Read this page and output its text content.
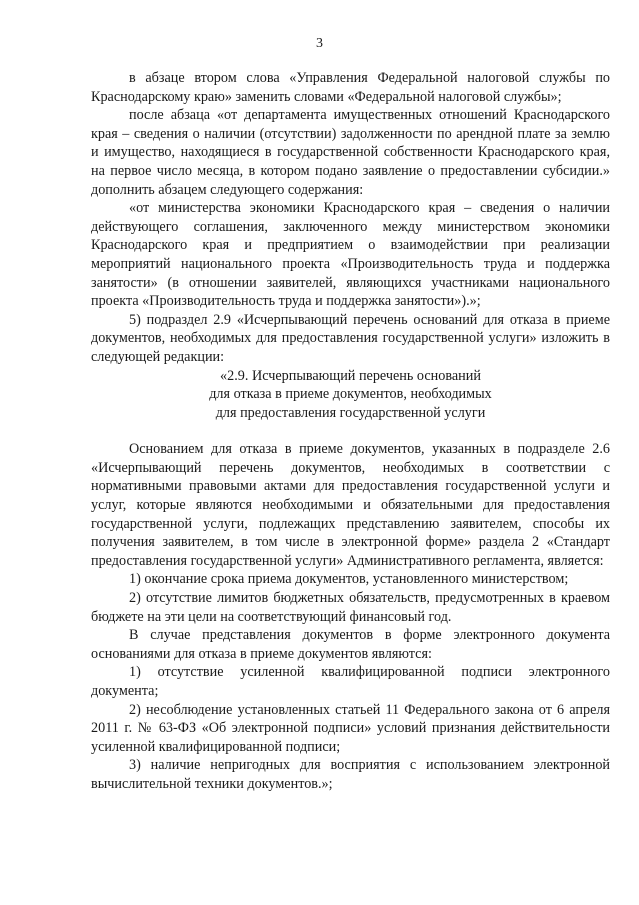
3

в абзаце втором слова «Управления Федеральной налоговой службы по Краснодарскому краю» заменить словами «Федеральной налоговой службы»;

после абзаца «от департамента имущественных отношений Краснодарского края – сведения о наличии (отсутствии) задолженности по арендной плате за землю и имущество, находящиеся в государственной собственности Краснодарского края, на первое число месяца, в котором подано заявление о предоставлении субсидии.» дополнить абзацем следующего содержания:

«от министерства экономики Краснодарского края – сведения о наличии действующего соглашения, заключенного между министерством экономики Краснодарского края и предприятием о взаимодействии при реализации мероприятий национального проекта «Производительность труда и поддержка занятости» (в отношении заявителей, являющихся участниками национального проекта «Производительность труда и поддержка занятости»).»;

5) подраздел 2.9 «Исчерпывающий перечень оснований для отказа в приеме документов, необходимых для предоставления государственной услуги» изложить в следующей редакции:

«2.9. Исчерпывающий перечень оснований
для отказа в приеме документов, необходимых
для предоставления государственной услуги

Основанием для отказа в приеме документов, указанных в подразделе 2.6 «Исчерпывающий перечень документов, необходимых в соответствии с нормативными правовыми актами для предоставления государственной услуги и услуг, которые являются необходимыми и обязательными для предоставления государственной услуги, подлежащих представлению заявителем, способы их получения заявителем, в том числе в электронной форме» раздела 2 «Стандарт предоставления государственной услуги» Административного регламента, является:

1) окончание срока приема документов, установленного министерством;

2) отсутствие лимитов бюджетных обязательств, предусмотренных в краевом бюджете на эти цели на соответствующий финансовый год.

В случае представления документов в форме электронного документа основаниями для отказа в приеме документов являются:

1) отсутствие усиленной квалифицированной подписи электронного документа;

2) несоблюдение установленных статьей 11 Федерального закона от 6 апреля 2011 г. № 63-ФЗ «Об электронной подписи» условий признания действительности усиленной квалифицированной подписи;

3) наличие непригодных для восприятия с использованием электронной вычислительной техники документов.»;
